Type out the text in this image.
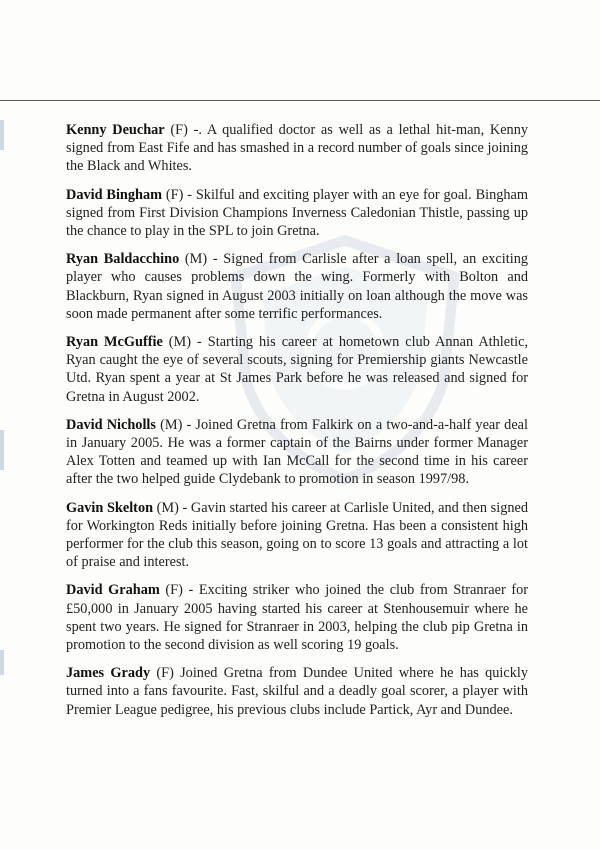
Kenny Deuchar (F) -. A qualified doctor as well as a lethal hit-man, Kenny signed from East Fife and has smashed in a record number of goals since joining the Black and Whites.

David Bingham (F) - Skilful and exciting player with an eye for goal. Bingham signed from First Division Champions Inverness Caledonian Thistle, passing up the chance to play in the SPL to join Gretna.

Ryan Baldacchino (M) - Signed from Carlisle after a loan spell, an exciting player who causes problems down the wing. Formerly with Bolton and Blackburn, Ryan signed in August 2003 initially on loan although the move was soon made permanent after some terrific performances.

Ryan McGuffie (M) - Starting his career at hometown club Annan Athletic, Ryan caught the eye of several scouts, signing for Premiership giants Newcastle Utd. Ryan spent a year at St James Park before he was released and signed for Gretna in August 2002.

David Nicholls (M) - Joined Gretna from Falkirk on a two-and-a-half year deal in January 2005. He was a former captain of the Bairns under former Manager Alex Totten and teamed up with Ian McCall for the second time in his career after the two helped guide Clydebank to promotion in season 1997/98.

Gavin Skelton (M) - Gavin started his career at Carlisle United, and then signed for Workington Reds initially before joining Gretna. Has been a consistent high performer for the club this season, going on to score 13 goals and attracting a lot of praise and interest.

David Graham (F) - Exciting striker who joined the club from Stranraer for £50,000 in January 2005 having started his career at Stenhousemuir where he spent two years. He signed for Stranraer in 2003, helping the club pip Gretna in promotion to the second division as well scoring 19 goals.

James Grady (F) Joined Gretna from Dundee United where he has quickly turned into a fans favourite. Fast, skilful and a deadly goal scorer, a player with Premier League pedigree, his previous clubs include Partick, Ayr and Dundee.
